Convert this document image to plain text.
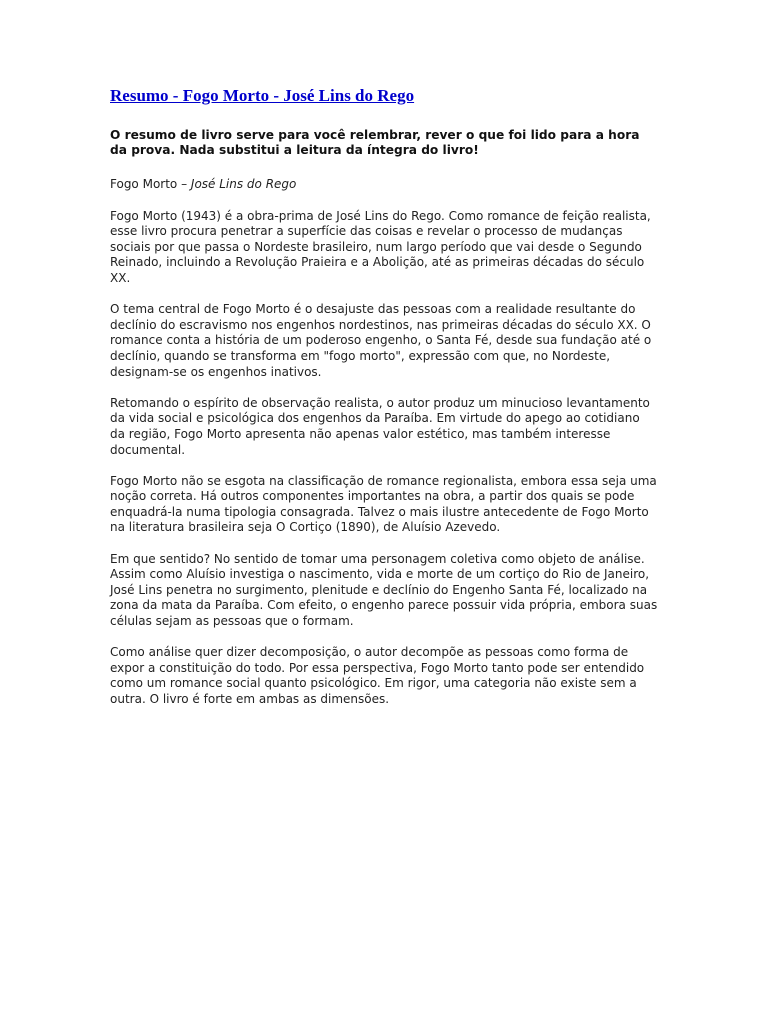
Resumo - Fogo Morto - José Lins do Rego

O resumo de livro serve para você relembrar, rever o que foi lido para a hora da prova. Nada substitui a leitura da íntegra do livro!

Fogo Morto – José Lins do Rego

Fogo Morto (1943) é a obra-prima de José Lins do Rego. Como romance de feição realista, esse livro procura penetrar a superfície das coisas e revelar o processo de mudanças sociais por que passa o Nordeste brasileiro, num largo período que vai desde o Segundo Reinado, incluindo a Revolução Praieira e a Abolição, até as primeiras décadas do século XX.

O tema central de Fogo Morto é o desajuste das pessoas com a realidade resultante do declínio do escravismo nos engenhos nordestinos, nas primeiras décadas do século XX. O romance conta a história de um poderoso engenho, o Santa Fé, desde sua fundação até o declínio, quando se transforma em "fogo morto", expressão com que, no Nordeste, designam-se os engenhos inativos.

Retomando o espírito de observação realista, o autor produz um minucioso levantamento da vida social e psicológica dos engenhos da Paraíba. Em virtude do apego ao cotidiano da região, Fogo Morto apresenta não apenas valor estético, mas também interesse documental.

Fogo Morto não se esgota na classificação de romance regionalista, embora essa seja uma noção correta. Há outros componentes importantes na obra, a partir dos quais se pode enquadrá-la numa tipologia consagrada. Talvez o mais ilustre antecedente de Fogo Morto na literatura brasileira seja O Cortiço (1890), de Aluísio Azevedo.

Em que sentido? No sentido de tomar uma personagem coletiva como objeto de análise. Assim como Aluísio investiga o nascimento, vida e morte de um cortiço do Rio de Janeiro, José Lins penetra no surgimento, plenitude e declínio do Engenho Santa Fé, localizado na zona da mata da Paraíba. Com efeito, o engenho parece possuir vida própria, embora suas células sejam as pessoas que o formam.

Como análise quer dizer decomposição, o autor decompõe as pessoas como forma de expor a constituição do todo. Por essa perspectiva, Fogo Morto tanto pode ser entendido como um romance social quanto psicológico. Em rigor, uma categoria não existe sem a outra. O livro é forte em ambas as dimensões.
